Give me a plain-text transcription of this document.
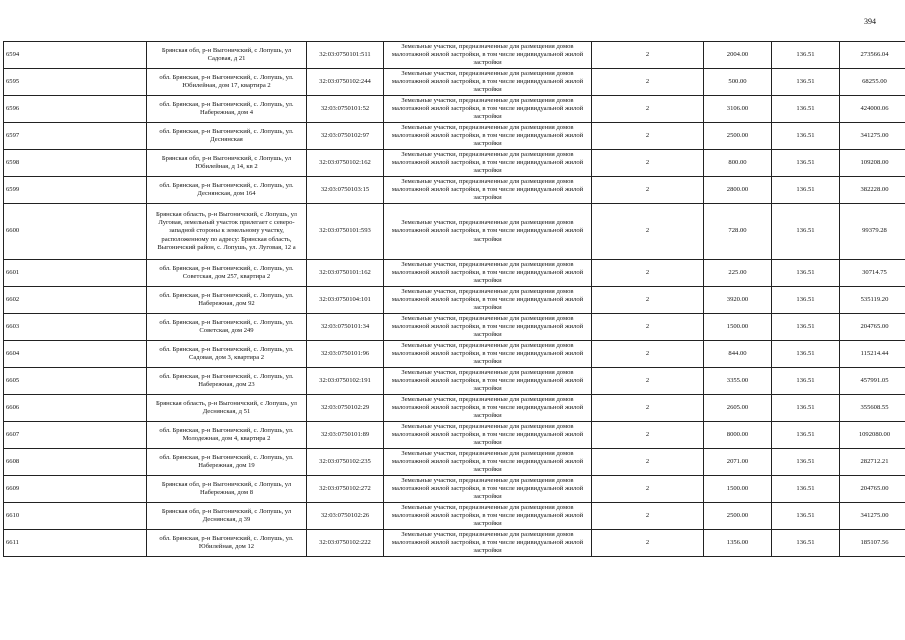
394
6594	Брянская обл, р-н Выгоничский, с Лопушь, ул Садовая, д 21	32:03:0750101:511	Земельные участки, предназначенные для размещения домов малоэтажной жилой застройки, в том числе индивидуальной жилой застройки	2	2004.00	136.51	273566.04
6595	обл. Брянская, р-н Выгоничский, с. Лопушь, ул. Юбилейная, дом 17, квартира 2	32:03:0750102:244	Земельные участки, предназначенные для размещения домов малоэтажной жилой застройки, в том числе индивидуальной жилой застройки	2	500.00	136.51	68255.00
6596	обл. Брянская, р-н Выгоничский, с. Лопушь, ул. Набережная, дом 4	32:03:0750101:52	Земельные участки, предназначенные для размещения домов малоэтажной жилой застройки, в том числе индивидуальной жилой застройки	2	3106.00	136.51	424000.06
6597	обл. Брянская, р-н Выгоничский, с. Лопушь, ул. Деснянская	32:03:0750102:97	Земельные участки, предназначенные для размещения домов малоэтажной жилой застройки, в том числе индивидуальной жилой застройки	2	2500.00	136.51	341275.00
6598	Брянская обл, р-н Выгоничский, с Лопушь, ул Юбилейная, д 14, кв 2	32:03:0750102:162	Земельные участки, предназначенные для размещения домов малоэтажной жилой застройки, в том числе индивидуальной жилой застройки	2	800.00	136.51	109208.00
6599	обл. Брянская, р-н Выгоничский, с. Лопушь, ул. Деснянская, дом 164	32:03:0750103:15	Земельные участки, предназначенные для размещения домов малоэтажной жилой застройки, в том числе индивидуальной жилой застройки	2	2800.00	136.51	382228.00
6600	Брянская область, р-н Выгоничский, с Лопушь, ул Луговая, земельный участок прилегает с северо-западной стороны к земельному участку, расположенному по адресу: Брянская область, Выгоничский район, с. Лопушь, ул. Луговая, 12 а	32:03:0750101:593	Земельные участки, предназначенные для размещения домов малоэтажной жилой застройки, в том числе индивидуальной жилой застройки	2	728.00	136.51	99379.28
6601	обл. Брянская, р-н Выгоничский, с. Лопушь, ул. Советская, дом 257, квартира 2	32:03:0750101:162	Земельные участки, предназначенные для размещения домов малоэтажной жилой застройки, в том числе индивидуальной жилой застройки	2	225.00	136.51	30714.75
6602	обл. Брянская, р-н Выгоничский, с. Лопушь, ул. Набережная, дом 92	32:03:0750104:101	Земельные участки, предназначенные для размещения домов малоэтажной жилой застройки, в том числе индивидуальной жилой застройки	2	3920.00	136.51	535119.20
6603	обл. Брянская, р-н Выгоничский, с. Лопушь, ул. Советская, дом 249	32:03:0750101:34	Земельные участки, предназначенные для размещения домов малоэтажной жилой застройки, в том числе индивидуальной жилой застройки	2	1500.00	136.51	204765.00
6604	обл. Брянская, р-н Выгоничский, с. Лопушь, ул. Садовая, дом 3, квартира 2	32:03:0750101:96	Земельные участки, предназначенные для размещения домов малоэтажной жилой застройки, в том числе индивидуальной жилой застройки	2	844.00	136.51	115214.44
6605	обл. Брянская, р-н Выгоничский, с. Лопушь, ул. Набережная, дом 23	32:03:0750102:191	Земельные участки, предназначенные для размещения домов малоэтажной жилой застройки, в том числе индивидуальной жилой застройки	2	3355.00	136.51	457991.05
6606	Брянская область, р-н Выгоничский, с Лопушь, ул Деснянская, д 51	32:03:0750102:29	Земельные участки, предназначенные для размещения домов малоэтажной жилой застройки, в том числе индивидуальной жилой застройки	2	2605.00	136.51	355608.55
6607	обл. Брянская, р-н Выгоничский, с. Лопушь, ул. Молодежная, дом 4, квартира 2	32:03:0750101:89	Земельные участки, предназначенные для размещения домов малоэтажной жилой застройки, в том числе индивидуальной жилой застройки	2	8000.00	136.51	1092080.00
6608	обл. Брянская, р-н Выгоничский, с. Лопушь, ул. Набережная, дом 19	32:03:0750102:235	Земельные участки, предназначенные для размещения домов малоэтажной жилой застройки, в том числе индивидуальной жилой застройки	2	2071.00	136.51	282712.21
6609	Брянская обл, р-н Выгоничский, с Лопушь, ул Набережная, дом 8	32:03:0750102:272	Земельные участки, предназначенные для размещения домов малоэтажной жилой застройки, в том числе индивидуальной жилой застройки	2	1500.00	136.51	204765.00
6610	Брянская обл, р-н Выгоничский, с Лопушь, ул Деснянская, д 39	32:03:0750102:26	Земельные участки, предназначенные для размещения домов малоэтажной жилой застройки, в том числе индивидуальной жилой застройки	2	2500.00	136.51	341275.00
6611	обл. Брянская, р-н Выгоничский, с. Лопушь, ул. Юбилейная, дом 12	32:03:0750102:222	Земельные участки, предназначенные для размещения домов малоэтажной жилой застройки, в том числе индивидуальной жилой застройки	2	1356.00	136.51	185107.56
